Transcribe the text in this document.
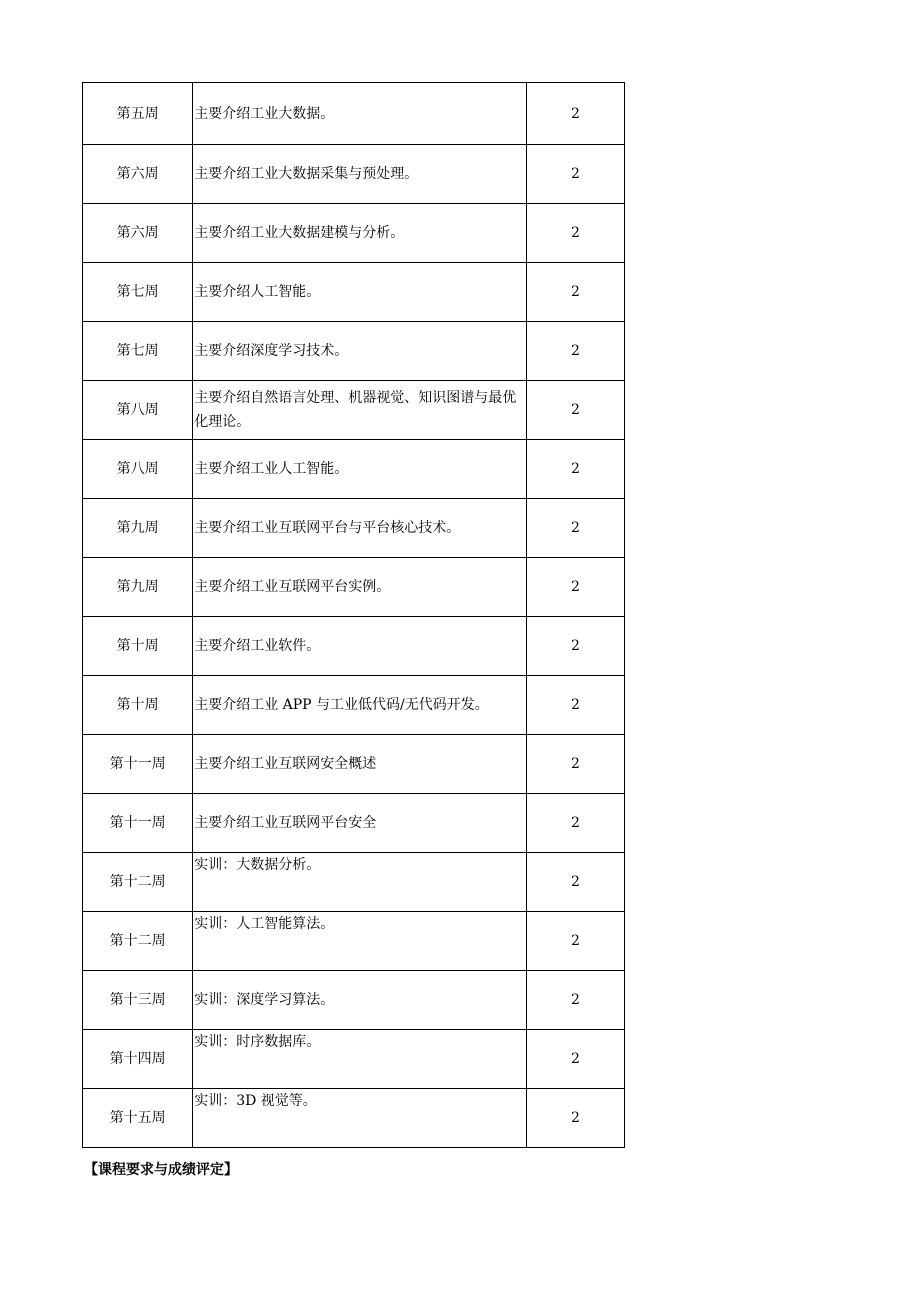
第五周	主要介绍工业大数据。	2
第六周	主要介绍工业大数据采集与预处理。	2
第六周	主要介绍工业大数据建模与分析。	2
第七周	主要介绍人工智能。	2
第七周	主要介绍深度学习技术。	2
第八周	主要介绍自然语言处理、机器视觉、知识图谱与最优化理论。	2
第八周	主要介绍工业人工智能。	2
第九周	主要介绍工业互联网平台与平台核心技术。	2
第九周	主要介绍工业互联网平台实例。	2
第十周	主要介绍工业软件。	2
第十周	主要介绍工业 APP 与工业低代码/无代码开发。	2
第十一周	主要介绍工业互联网安全概述	2
第十一周	主要介绍工业互联网平台安全	2
第十二周	实训：大数据分析。	2
第十二周	实训：人工智能算法。	2
第十三周	实训：深度学习算法。	2
第十四周	实训：时序数据库。	2
第十五周	实训：3D 视觉等。	2

【课程要求与成绩评定】
